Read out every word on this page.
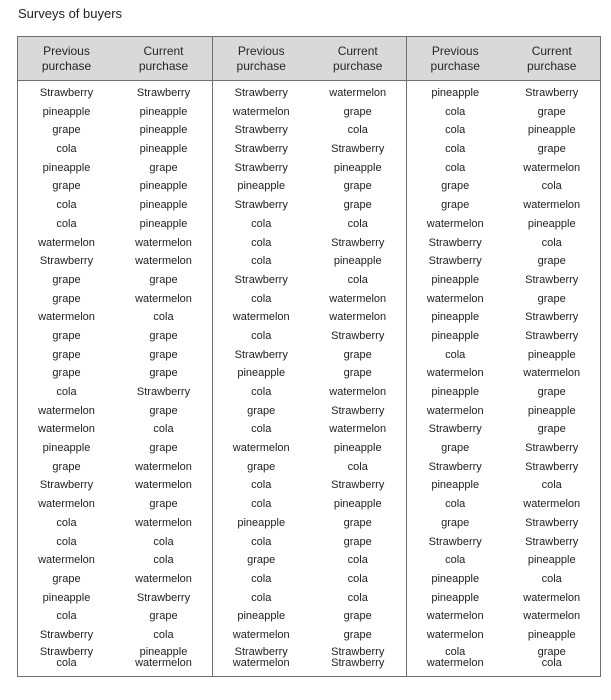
Surveys of buyers
Previous
purchase
Current
purchase
Strawberry
pineapple
grape
cola
pineapple
grape
cola
cola
watermelon
Strawberry
grape
grape
watermelon
grape
grape
grape
cola
watermelon
watermelon
pineapple
grape
Strawberry
watermelon
cola
cola
watermelon
grape
pineapple
cola
Strawberry
Strawberry
cola
Strawberry
pineapple
pineapple
pineapple
grape
pineapple
pineapple
pineapple
watermelon
watermelon
grape
watermelon
cola
grape
grape
grape
Strawberry
grape
cola
grape
watermelon
watermelon
grape
watermelon
cola
cola
watermelon
Strawberry
grape
cola
pineapple
watermelon
Previous
purchase
Current
purchase
Strawberry
watermelon
Strawberry
Strawberry
Strawberry
pineapple
Strawberry
cola
cola
cola
Strawberry
cola
watermelon
cola
Strawberry
pineapple
cola
grape
cola
watermelon
grape
cola
cola
pineapple
cola
grape
cola
cola
pineapple
watermelon
Strawberry
watermelon
watermelon
grape
cola
Strawberry
pineapple
grape
grape
cola
Strawberry
pineapple
cola
watermelon
watermelon
Strawberry
grape
grape
watermelon
Strawberry
watermelon
pineapple
cola
Strawberry
pineapple
grape
grape
cola
cola
cola
grape
grape
Strawberry
Strawberry
Previous
purchase
Current
purchase
pineapple
cola
cola
cola
cola
grape
grape
watermelon
Strawberry
Strawberry
pineapple
watermelon
pineapple
pineapple
cola
watermelon
pineapple
watermelon
Strawberry
grape
Strawberry
pineapple
cola
grape
Strawberry
cola
pineapple
pineapple
watermelon
watermelon
cola
watermelon
Strawberry
grape
pineapple
grape
watermelon
cola
watermelon
pineapple
cola
grape
Strawberry
grape
Strawberry
Strawberry
pineapple
watermelon
grape
pineapple
grape
Strawberry
Strawberry
cola
watermelon
Strawberry
Strawberry
pineapple
cola
watermelon
watermelon
pineapple
grape
cola
